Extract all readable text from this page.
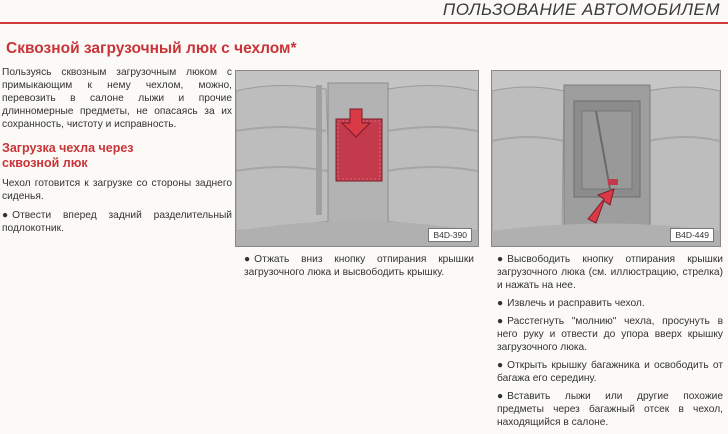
ПОЛЬЗОВАНИЕ АВТОМОБИЛЕМ
Сквозной загрузочный люк с чехлом*

Пользуясь сквозным загрузочным люком с примыкающим к нему чехлом, можно, перевозить в салоне лыжи и прочие длинномерные предметы, не опасаясь за их сохранность, чистоту и исправность.

Загрузка чехла через сквозной люк

Чехол готовится к загрузке со стороны заднего сиденья.

● Отвести вперед задний разделительный подлокотник.

B4D-390	B4D-449

● Отжать вниз кнопку отпирания крышки загрузочного люка и высвободить крышку.

● Высвободить кнопку отпирания крышки загрузочного люка (см. иллюстрацию, стрелка) и нажать на нее.

● Извлечь и расправить чехол.

● Расстегнуть "молнию" чехла, просунуть в него руку и отвести до упора вверх крышку загрузочного люка.

● Открыть крышку багажника и освободить от багажа его середину.

● Вставить лыжи или другие похожие предметы через багажный отсек в чехол, находящийся в салоне.
